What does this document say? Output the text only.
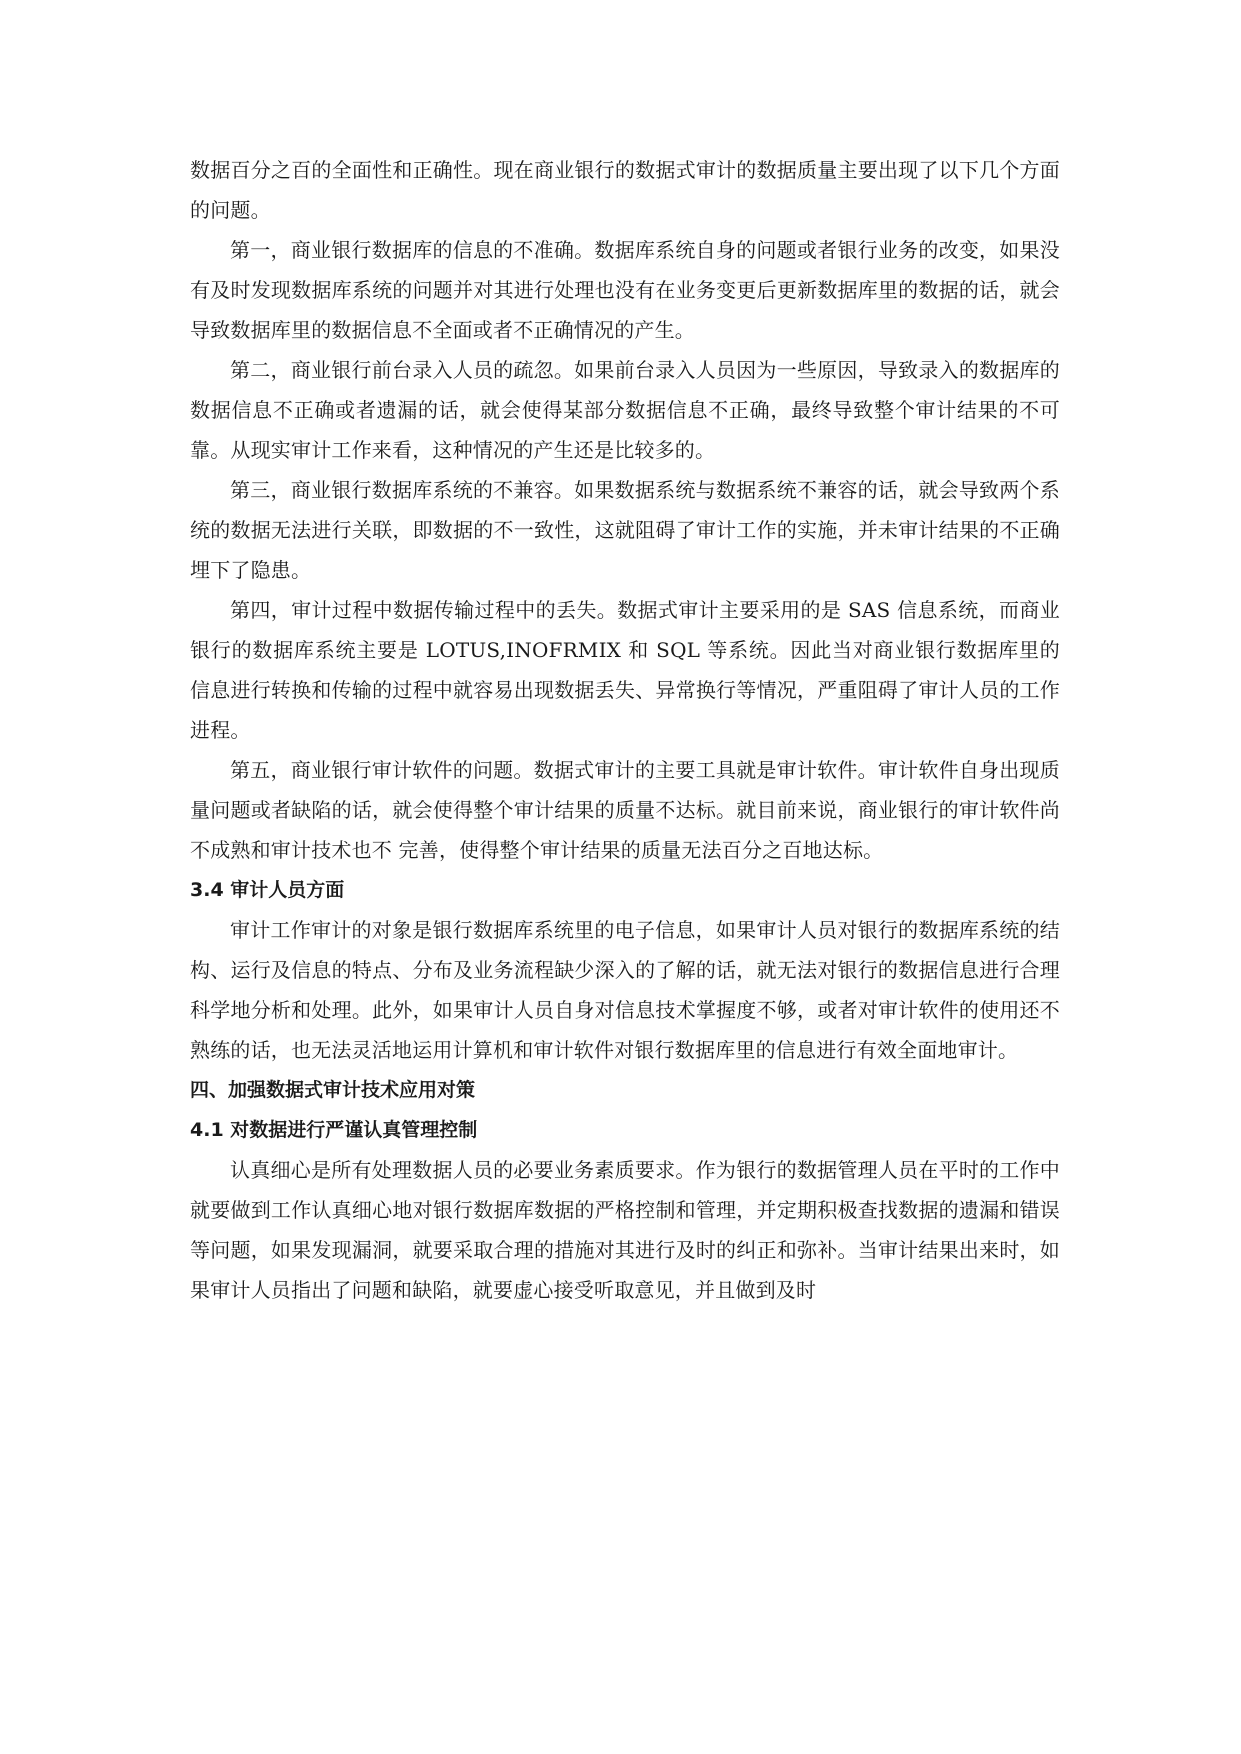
数据百分之百的全面性和正确性。现在商业银行的数据式审计的数据质量主要出现了以下几个方面的问题。

第一，商业银行数据库的信息的不准确。数据库系统自身的问题或者银行业务的改变，如果没有及时发现数据库系统的问题并对其进行处理也没有在业务变更后更新数据库里的数据的话，就会导致数据库里的数据信息不全面或者不正确情况的产生。

第二，商业银行前台录入人员的疏忽。如果前台录入人员因为一些原因，导致录入的数据库的数据信息不正确或者遗漏的话，就会使得某部分数据信息不正确，最终导致整个审计结果的不可靠。从现实审计工作来看，这种情况的产生还是比较多的。

第三，商业银行数据库系统的不兼容。如果数据系统与数据系统不兼容的话，就会导致两个系统的数据无法进行关联，即数据的不一致性，这就阻碍了审计工作的实施，并未审计结果的不正确埋下了隐患。

第四，审计过程中数据传输过程中的丢失。数据式审计主要采用的是 SAS 信息系统，而商业银行的数据库系统主要是 LOTUS,INOFRMIX 和 SQL 等系统。因此当对商业银行数据库里的信息进行转换和传输的过程中就容易出现数据丢失、异常换行等情况，严重阻碍了审计人员的工作进程。

第五，商业银行审计软件的问题。数据式审计的主要工具就是审计软件。审计软件自身出现质量问题或者缺陷的话，就会使得整个审计结果的质量不达标。就目前来说，商业银行的审计软件尚不成熟和审计技术也不 完善，使得整个审计结果的质量无法百分之百地达标。

3.4 审计人员方面

审计工作审计的对象是银行数据库系统里的电子信息，如果审计人员对银行的数据库系统的结构、运行及信息的特点、分布及业务流程缺少深入的了解的话，就无法对银行的数据信息进行合理科学地分析和处理。此外，如果审计人员自身对信息技术掌握度不够，或者对审计软件的使用还不熟练的话，也无法灵活地运用计算机和审计软件对银行数据库里的信息进行有效全面地审计。

四、加强数据式审计技术应用对策
4.1 对数据进行严谨认真管理控制

认真细心是所有处理数据人员的必要业务素质要求。作为银行的数据管理人员在平时的工作中就要做到工作认真细心地对银行数据库数据的严格控制和管理，并定期积极查找数据的遗漏和错误等问题，如果发现漏洞，就要采取合理的措施对其进行及时的纠正和弥补。当审计结果出来时，如果审计人员指出了问题和缺陷，就要虚心接受听取意见，并且做到及时
